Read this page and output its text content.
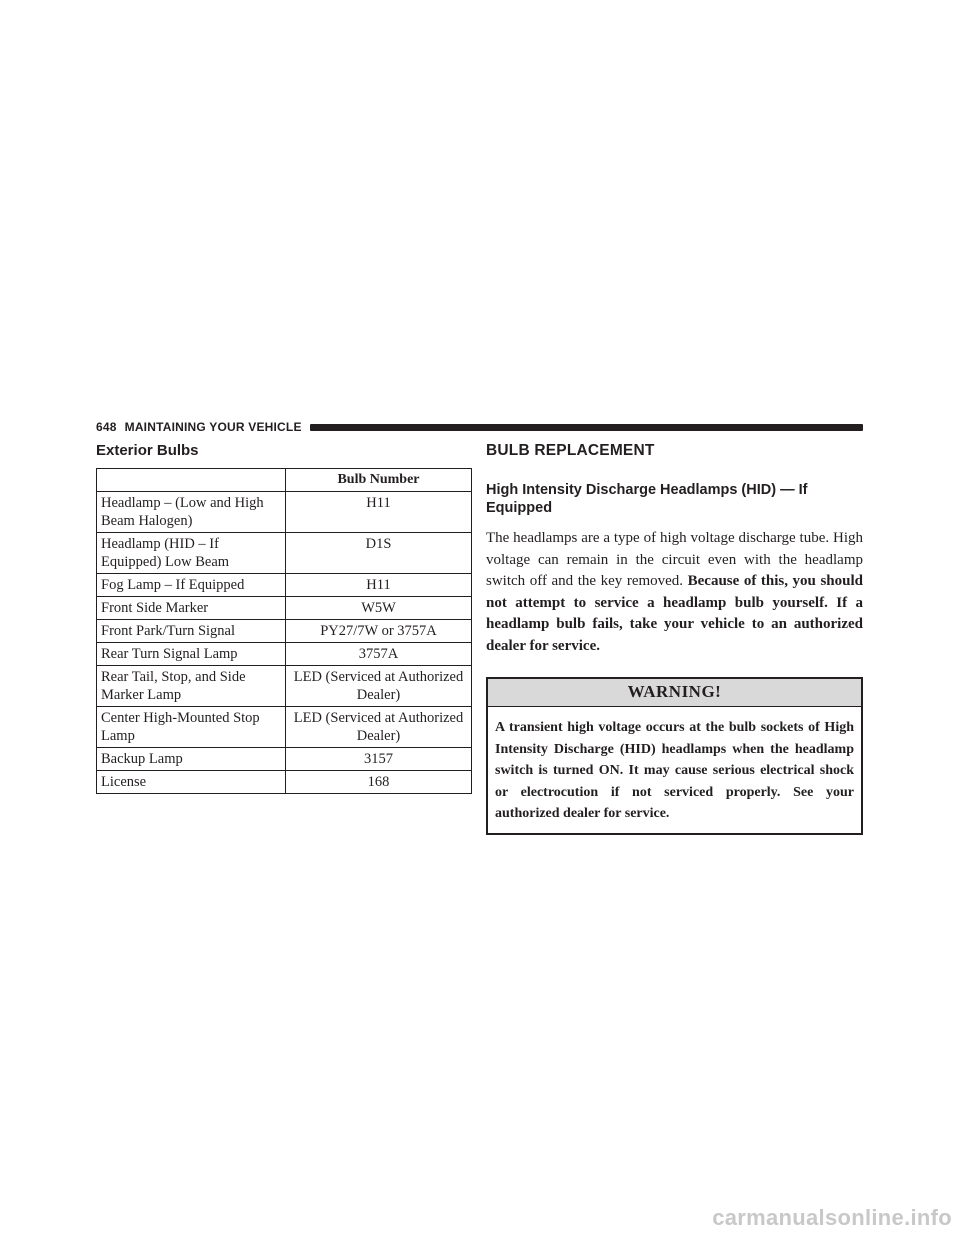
648 MAINTAINING YOUR VEHICLE
Exterior Bulbs
	Bulb Number
Headlamp – (Low and High Beam Halogen)	H11
Headlamp (HID – If Equipped) Low Beam	D1S
Fog Lamp – If Equipped	H11
Front Side Marker	W5W
Front Park/Turn Signal	PY27/7W or 3757A
Rear Turn Signal Lamp	3757A
Rear Tail, Stop, and Side Marker Lamp	LED (Serviced at Authorized Dealer)
Center High-Mounted Stop Lamp	LED (Serviced at Authorized Dealer)
Backup Lamp	3157
License	168
BULB REPLACEMENT
High Intensity Discharge Headlamps (HID) — If Equipped

The headlamps are a type of high voltage discharge tube. High voltage can remain in the circuit even with the headlamp switch off and the key removed. Because of this, you should not attempt to service a headlamp bulb yourself. If a headlamp bulb fails, take your vehicle to an authorized dealer for service.

WARNING!
A transient high voltage occurs at the bulb sockets of High Intensity Discharge (HID) headlamps when the headlamp switch is turned ON. It may cause serious electrical shock or electrocution if not serviced properly. See your authorized dealer for service.
carmanualsonline.info
